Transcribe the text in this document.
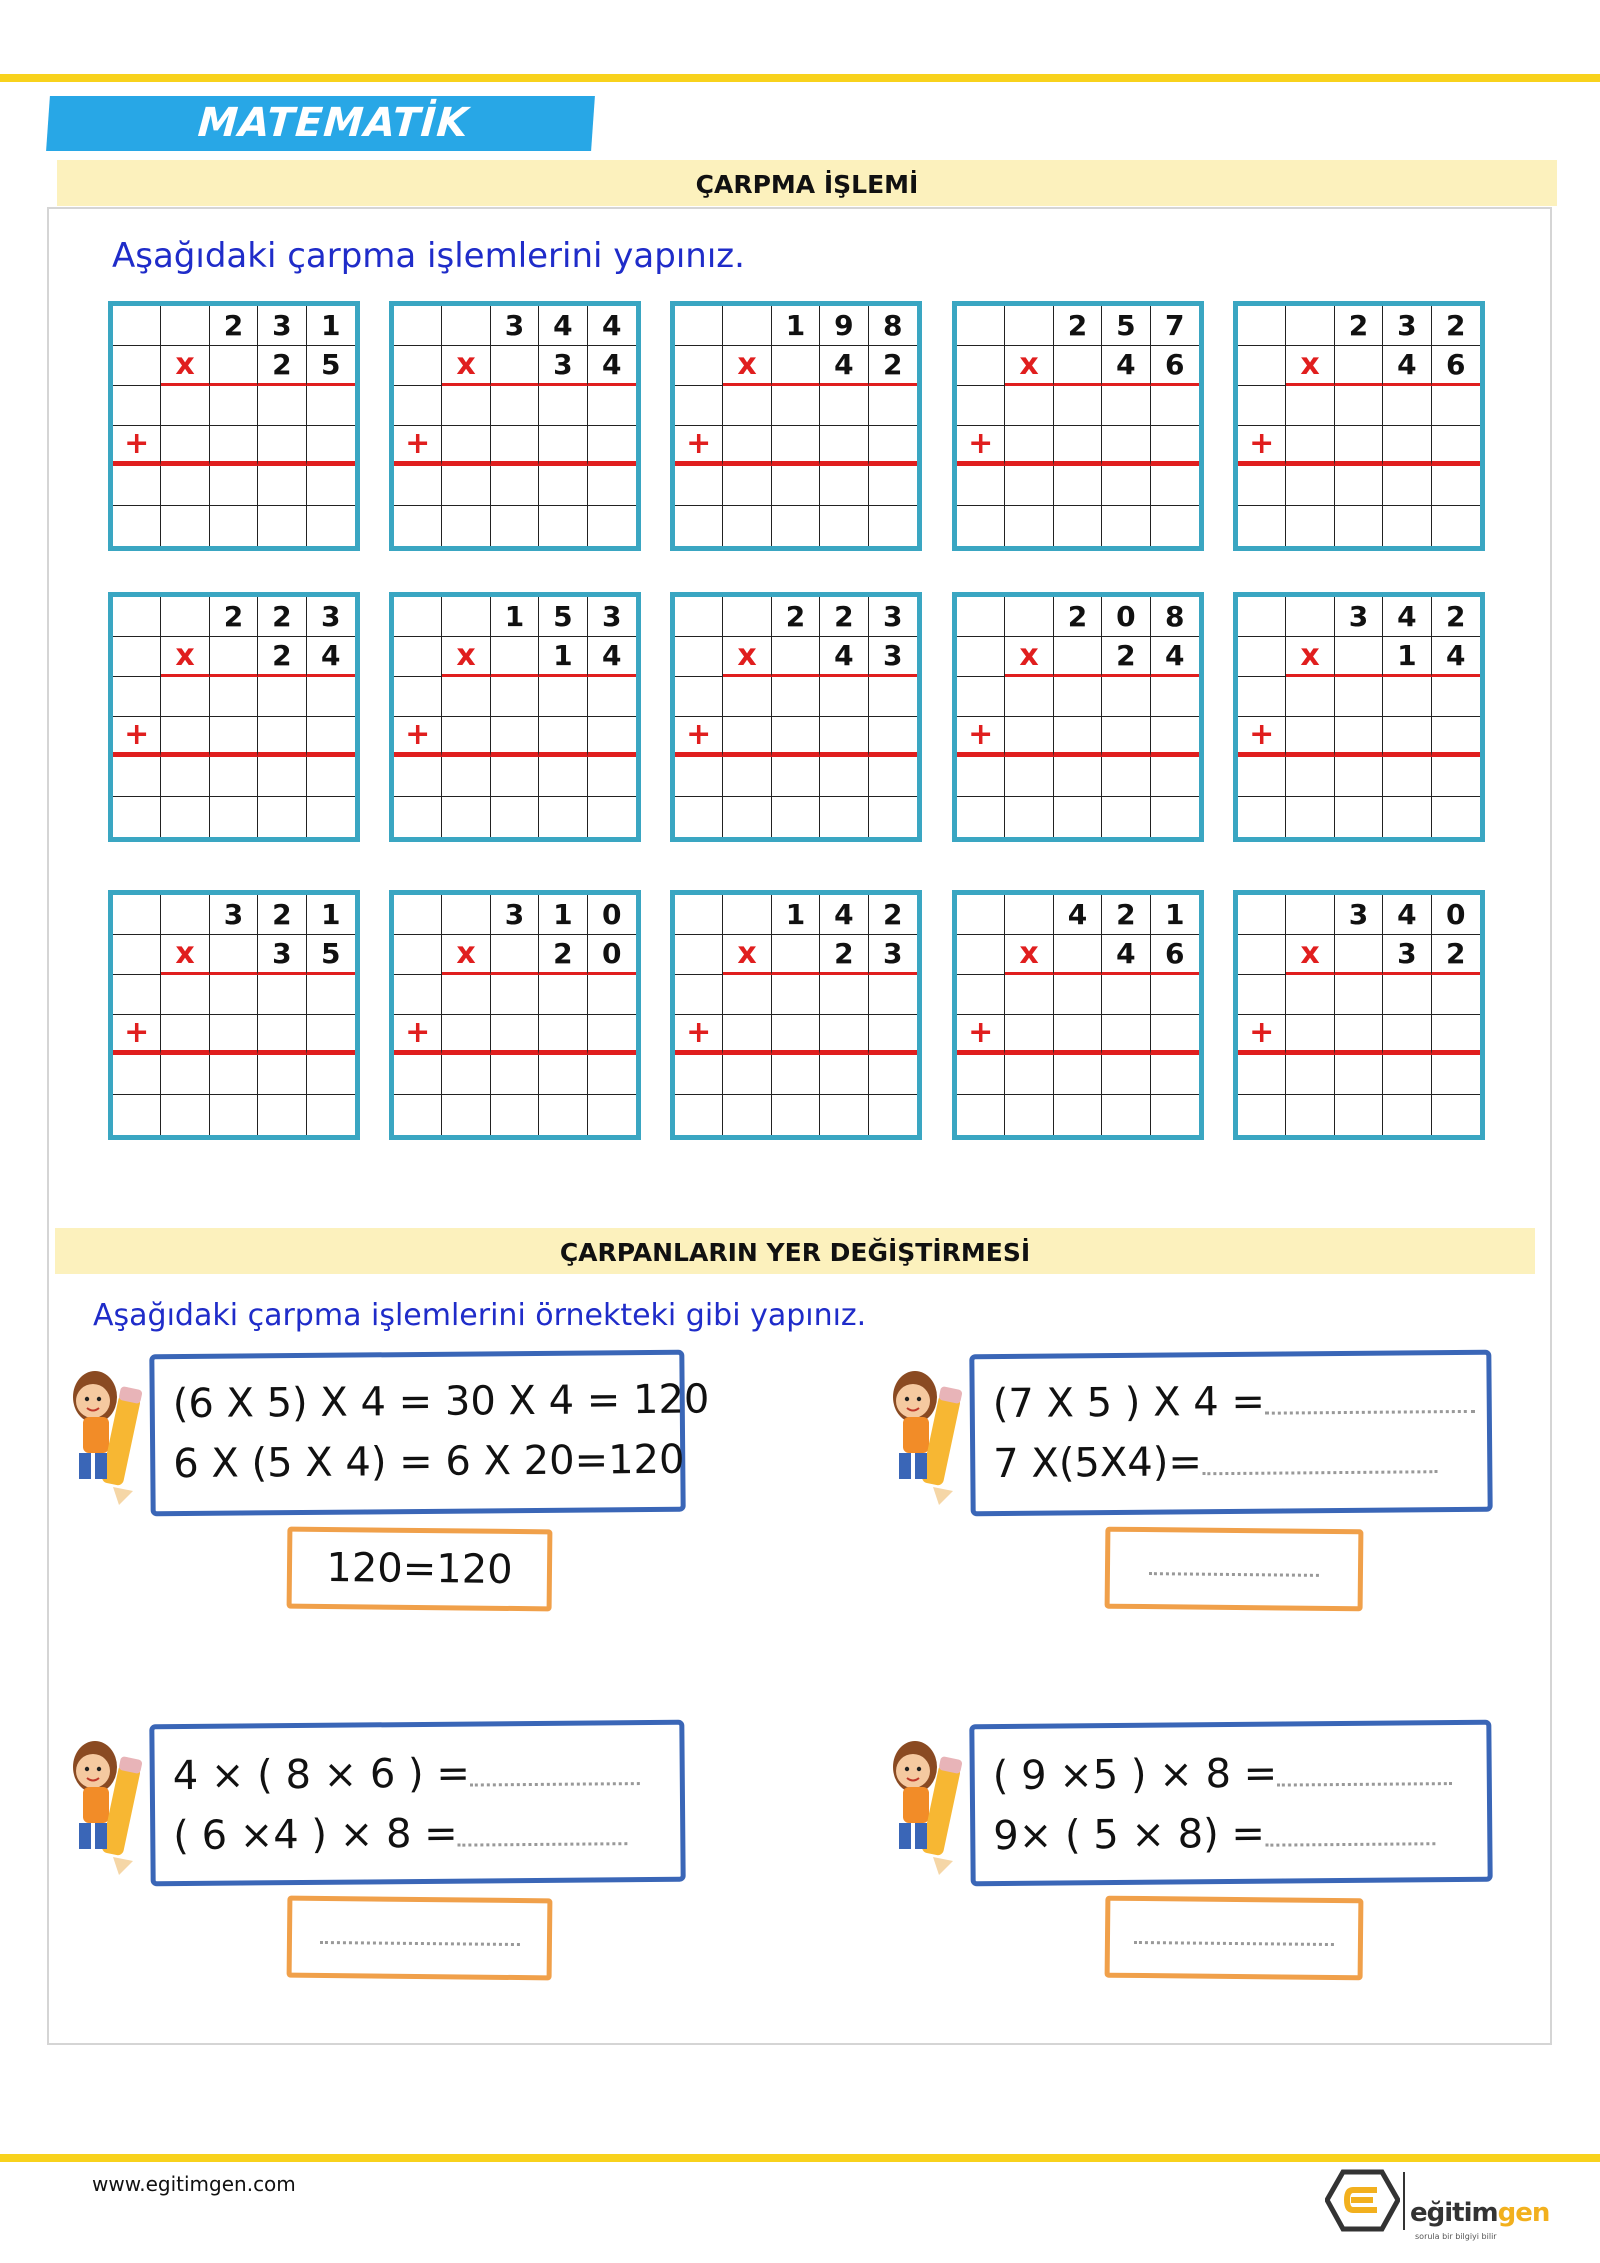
MATEMATİK
ÇARPMA İŞLEMİ
Aşağıdaki çarpma işlemlerini yapınız.
2	3	1
x	2	5
+
3	4	4
x	3	4
+
1	9	8
x	4	2
+
2	5	7
x	4	6
+
2	3	2
x	4	6
+
2	2	3
x	2	4
+
1	5	3
x	1	4
+
2	2	3
x	4	3
+
2	0	8
x	2	4
+
3	4	2
x	1	4
+
3	2	1
x	3	5
+
3	1	0
x	2	0
+
1	4	2
x	2	3
+
4	2	1
x	4	6
+
3	4	0
x	3	2
+
ÇARPANLARIN YER DEĞİŞTİRMESİ
Aşağıdaki çarpma işlemlerini örnekteki gibi yapınız.
(6 X 5) X 4 = 30 X 4 = 120
6 X (5 X 4) = 6 X 20=120
120=120
(7 X 5 ) X 4 =
7 X(5X4)=
4 × ( 8 × 6 ) =
( 6 ×4 ) × 8 =
( 9 ×5 ) × 8 =
9× ( 5 × 8) =
www.egitimgen.com
eğitimgen
sorula bir bilgiyi bilir
